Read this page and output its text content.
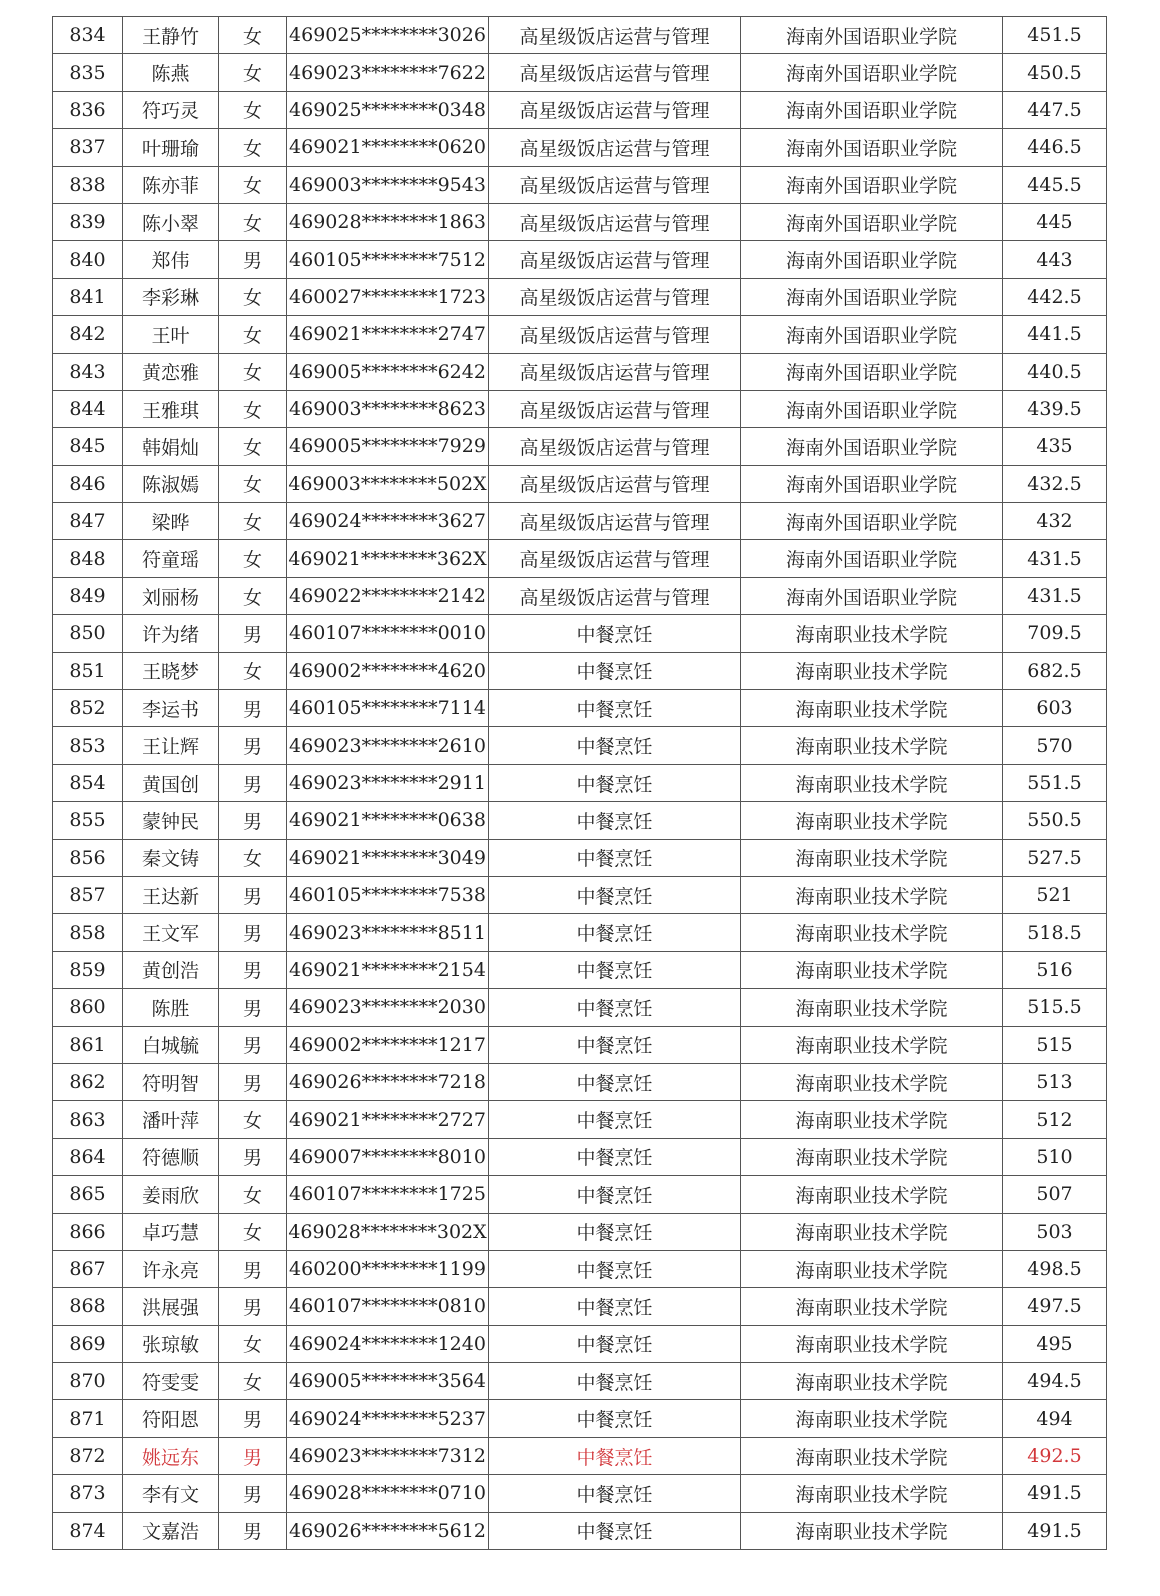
834	王静竹	女	469025********3026	高星级饭店运营与管理	海南外国语职业学院	451.5
835	陈燕	女	469023********7622	高星级饭店运营与管理	海南外国语职业学院	450.5
836	符巧灵	女	469025********0348	高星级饭店运营与管理	海南外国语职业学院	447.5
837	叶珊瑜	女	469021********0620	高星级饭店运营与管理	海南外国语职业学院	446.5
838	陈亦菲	女	469003********9543	高星级饭店运营与管理	海南外国语职业学院	445.5
839	陈小翠	女	469028********1863	高星级饭店运营与管理	海南外国语职业学院	445
840	郑伟	男	460105********7512	高星级饭店运营与管理	海南外国语职业学院	443
841	李彩琳	女	460027********1723	高星级饭店运营与管理	海南外国语职业学院	442.5
842	王叶	女	469021********2747	高星级饭店运营与管理	海南外国语职业学院	441.5
843	黄恋雅	女	469005********6242	高星级饭店运营与管理	海南外国语职业学院	440.5
844	王雅琪	女	469003********8623	高星级饭店运营与管理	海南外国语职业学院	439.5
845	韩娟灿	女	469005********7929	高星级饭店运营与管理	海南外国语职业学院	435
846	陈淑嫣	女	469003********502X	高星级饭店运营与管理	海南外国语职业学院	432.5
847	梁晔	女	469024********3627	高星级饭店运营与管理	海南外国语职业学院	432
848	符童瑶	女	469021********362X	高星级饭店运营与管理	海南外国语职业学院	431.5
849	刘丽杨	女	469022********2142	高星级饭店运营与管理	海南外国语职业学院	431.5
850	许为绪	男	460107********0010	中餐烹饪	海南职业技术学院	709.5
851	王晓梦	女	469002********4620	中餐烹饪	海南职业技术学院	682.5
852	李运书	男	460105********7114	中餐烹饪	海南职业技术学院	603
853	王让辉	男	469023********2610	中餐烹饪	海南职业技术学院	570
854	黄国创	男	469023********2911	中餐烹饪	海南职业技术学院	551.5
855	蒙钟民	男	469021********0638	中餐烹饪	海南职业技术学院	550.5
856	秦文铸	女	469021********3049	中餐烹饪	海南职业技术学院	527.5
857	王达新	男	460105********7538	中餐烹饪	海南职业技术学院	521
858	王文军	男	469023********8511	中餐烹饪	海南职业技术学院	518.5
859	黄创浩	男	469021********2154	中餐烹饪	海南职业技术学院	516
860	陈胜	男	469023********2030	中餐烹饪	海南职业技术学院	515.5
861	白城毓	男	469002********1217	中餐烹饪	海南职业技术学院	515
862	符明智	男	469026********7218	中餐烹饪	海南职业技术学院	513
863	潘叶萍	女	469021********2727	中餐烹饪	海南职业技术学院	512
864	符德顺	男	469007********8010	中餐烹饪	海南职业技术学院	510
865	姜雨欣	女	460107********1725	中餐烹饪	海南职业技术学院	507
866	卓巧慧	女	469028********302X	中餐烹饪	海南职业技术学院	503
867	许永亮	男	460200********1199	中餐烹饪	海南职业技术学院	498.5
868	洪展强	男	460107********0810	中餐烹饪	海南职业技术学院	497.5
869	张琼敏	女	469024********1240	中餐烹饪	海南职业技术学院	495
870	符雯雯	女	469005********3564	中餐烹饪	海南职业技术学院	494.5
871	符阳恩	男	469024********5237	中餐烹饪	海南职业技术学院	494
872	姚远东	男	469023********7312	中餐烹饪	海南职业技术学院	492.5
873	李有文	男	469028********0710	中餐烹饪	海南职业技术学院	491.5
874	文嘉浩	男	469026********5612	中餐烹饪	海南职业技术学院	491.5
